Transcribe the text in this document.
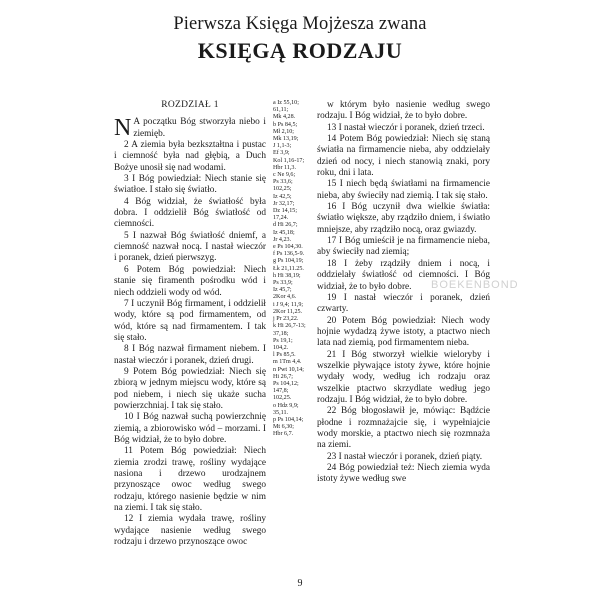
Pierwsza Księga Mojżesza zwana
KSIĘGĄ RODZAJU
ROZDZIAŁ 1

N A początku Bóg stworzyła niebo i ziemięb.

2 A ziemia była bezkształtna i pustac i ciemność była nad głębią, a Duch Bożye unosił się nad wodami.

3 I Bóg powiedział: Niech stanie się światłoe. I stało się światło.

4 Bóg widział, że światłość była dobra. I oddzielił Bóg światłość od ciemności.

5 I nazwał Bóg światłość dniemf, a ciemność nazwał nocą. I nastał wieczór i poranek, dzień pierwszyg.

6 Potem Bóg powiedział: Niech stanie się firamenth pośrodku wód i niech oddzieli wody od wód.

7 I uczynił Bóg firmament, i oddzielił wody, które są pod firmamentem, od wód, które są nad firmamentem. I tak się stało.

8 I Bóg nazwał firmament niebem. I nastał wieczór i poranek, dzień drugi.

9 Potem Bóg powiedział: Niech się zbiorą w jednym miejscu wody, które są pod niebem, i niech się ukaże sucha powierzchniaj. I tak się stało.

10 I Bóg nazwał suchą powierzchnię ziemią, a zbiorowisko wód – morzami. I Bóg widział, że to było dobre.

11 Potem Bóg powiedział: Niech ziemia zrodzi trawę, rośliny wydające nasiona i drzewo urodzajnem przynoszące owoc według swego rodzaju, którego nasienie będzie w nim na ziemi. I tak się stało.

12 I ziemia wydała trawę, rośliny wydające nasienie według swego rodzaju i drzewo przynoszące owoc

a Iz 55,10;
61,11;
Mk 4,28.
b Ps 84,5;
Mł 2,10;
Mk 13,19;
J 1,1-3;
Ef 3,9;
Kol 1,16-17;
Hbr 11,3.
c Ne 9,6;
Ps 33,6;
102,25;
Iz 42,5;
Jr 32,17;
Dz 14,15;
17,24.
d Hi 26,7;
Iz 45,18;
Jr 4,23.
e Ps 104,30.
f Ps 136,5-9.
g Ps 104,19;
Łk 21,11.25.
h Hi 38,19;
Ps 33,9;
Iz 45,7;
2Kor 4,6.
i J 9,4; 11,9;
2Kor 11,25.
j Pr 23,22.
k Hi 26,7-13;
37,18;
Ps 19,1;
104,2.
l Ps 85,5.
m 1Tm 4,4.
n Pwt 10,14;
Hi 26,7;
Ps 104,12;
147,8;
102,25.
o Hdz 9,9;
35,11.
p Ps 104,14;
Mt 6,30;
Hbr 6,7.

w którym było nasienie według swego rodzaju. I Bóg widział, że to było dobre.

13 I nastał wieczór i poranek, dzień trzeci.

14 Potem Bóg powiedział: Niech się staną światła na firmamencie nieba, aby oddzielały dzień od nocy, i niech stanowią znaki, pory roku, dni i lata.

15 I niech będą światłami na firmamencie nieba, aby świeciły nad ziemią. I tak się stało.

16 I Bóg uczynił dwa wielkie światła: światło większe, aby rządziło dniem, i światło mniejsze, aby rządziło nocą, oraz gwiazdy.

17 I Bóg umieścił je na firmamencie nieba, aby świeciły nad ziemią;

18 I żeby rządziły dniem i nocą, i oddzielały światłość od ciemności. I Bóg widział, że to było dobre.

19 I nastał wieczór i poranek, dzień czwarty.

20 Potem Bóg powiedział: Niech wody hojnie wydadzą żywe istoty, a ptactwo niech lata nad ziemią, pod firmamentem nieba.

21 I Bóg stworzył wielkie wieloryby i wszelkie pływające istoty żywe, które hojnie wydały wody, według ich rodzaju oraz wszelkie ptactwo skrzydlate według jego rodzaju. I Bóg widział, że to było dobre.

22 Bóg błogosławił je, mówiąc: Bądźcie płodne i rozmnażajcie się, i wypełniajcie wody morskie, a ptactwo niech się rozmnaża na ziemi.

23 I nastał wieczór i poranek, dzień piąty.

24 Bóg powiedział też: Niech ziemia wyda istoty żywe według swe

BOEKENBOND
9
